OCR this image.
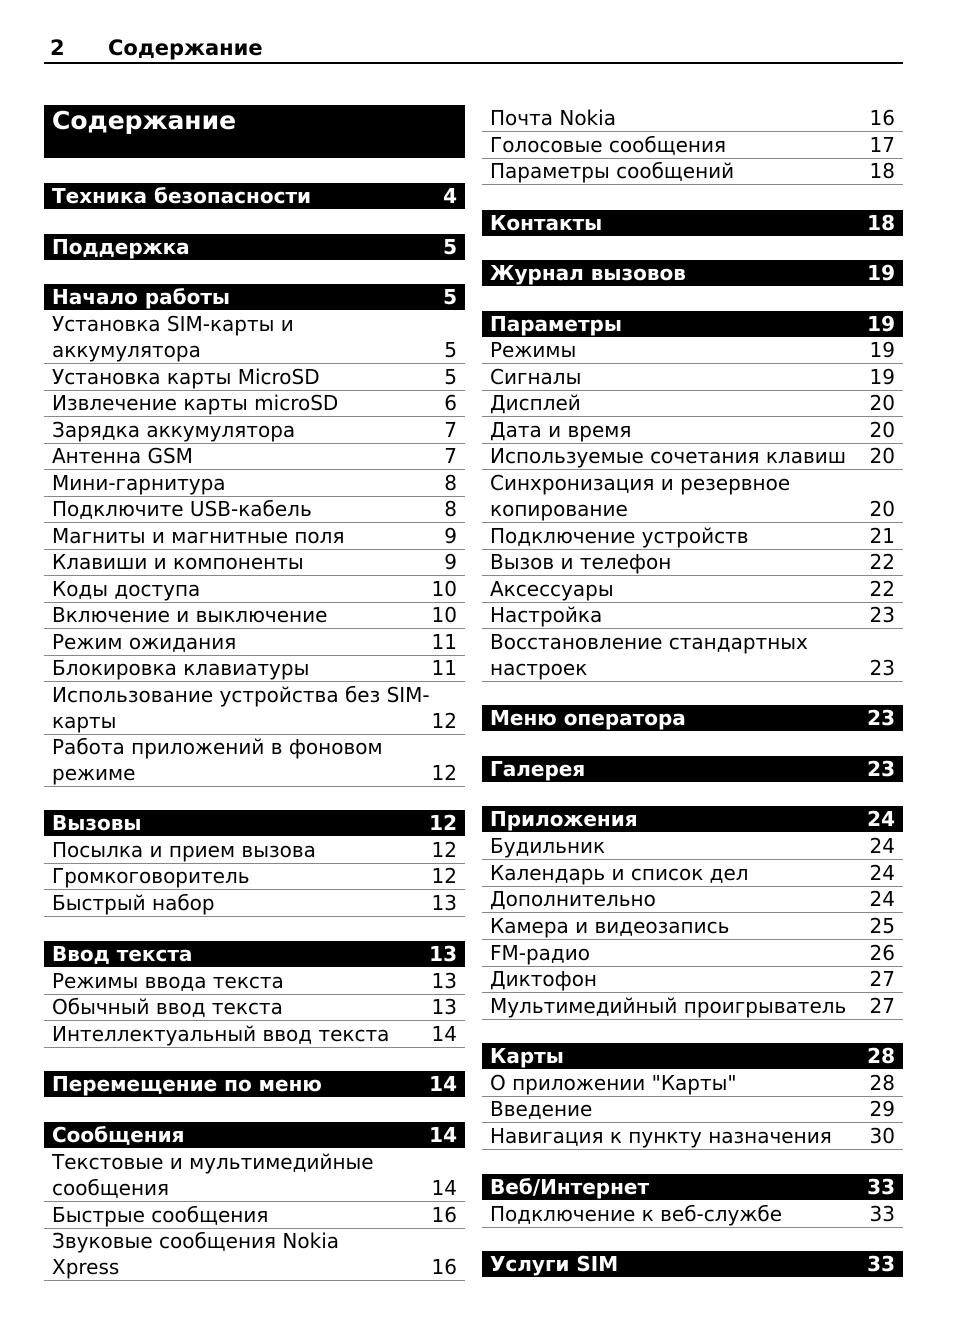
2 Содержание
Содержание
Техника безопасности	4
Поддержка	5
Начало работы	5
Установка SIM-карты и
аккумулятора	5
Установка карты MicroSD	5
Извлечение карты microSD	6
Зарядка аккумулятора	7
Антенна GSM	7
Мини-гарнитура	8
Подключите USB-кабель	8
Магниты и магнитные поля	9
Клавиши и компоненты	9
Коды доступа	10
Включение и выключение	10
Режим ожидания	11
Блокировка клавиатуры	11
Использование устройства без SIM-
карты	12
Работа приложений в фоновом
режиме	12
Вызовы	12
Посылка и прием вызова	12
Громкоговоритель	12
Быстрый набор	13
Ввод текста	13
Режимы ввода текста	13
Обычный ввод текста	13
Интеллектуальный ввод текста	14
Перемещение по меню	14
Сообщения	14
Текстовые и мультимедийные
сообщения	14
Быстрые сообщения	16
Звуковые сообщения Nokia
Xpress	16
Почта Nokia	16
Голосовые сообщения	17
Параметры сообщений	18
Контакты	18
Журнал вызовов	19
Параметры	19
Режимы	19
Сигналы	19
Дисплей	20
Дата и время	20
Используемые сочетания клавиш	20
Синхронизация и резервное
копирование	20
Подключение устройств	21
Вызов и телефон	22
Аксессуары	22
Настройка	23
Восстановление стандартных
настроек	23
Меню оператора	23
Галерея	23
Приложения	24
Будильник	24
Календарь и список дел	24
Дополнительно	24
Камера и видеозапись	25
FM-радио	26
Диктофон	27
Мультимедийный проигрыватель	27
Карты	28
О приложении "Карты"	28
Введение	29
Навигация к пункту назначения	30
Веб/Интернет	33
Подключение к веб-службе	33
Услуги SIM	33
